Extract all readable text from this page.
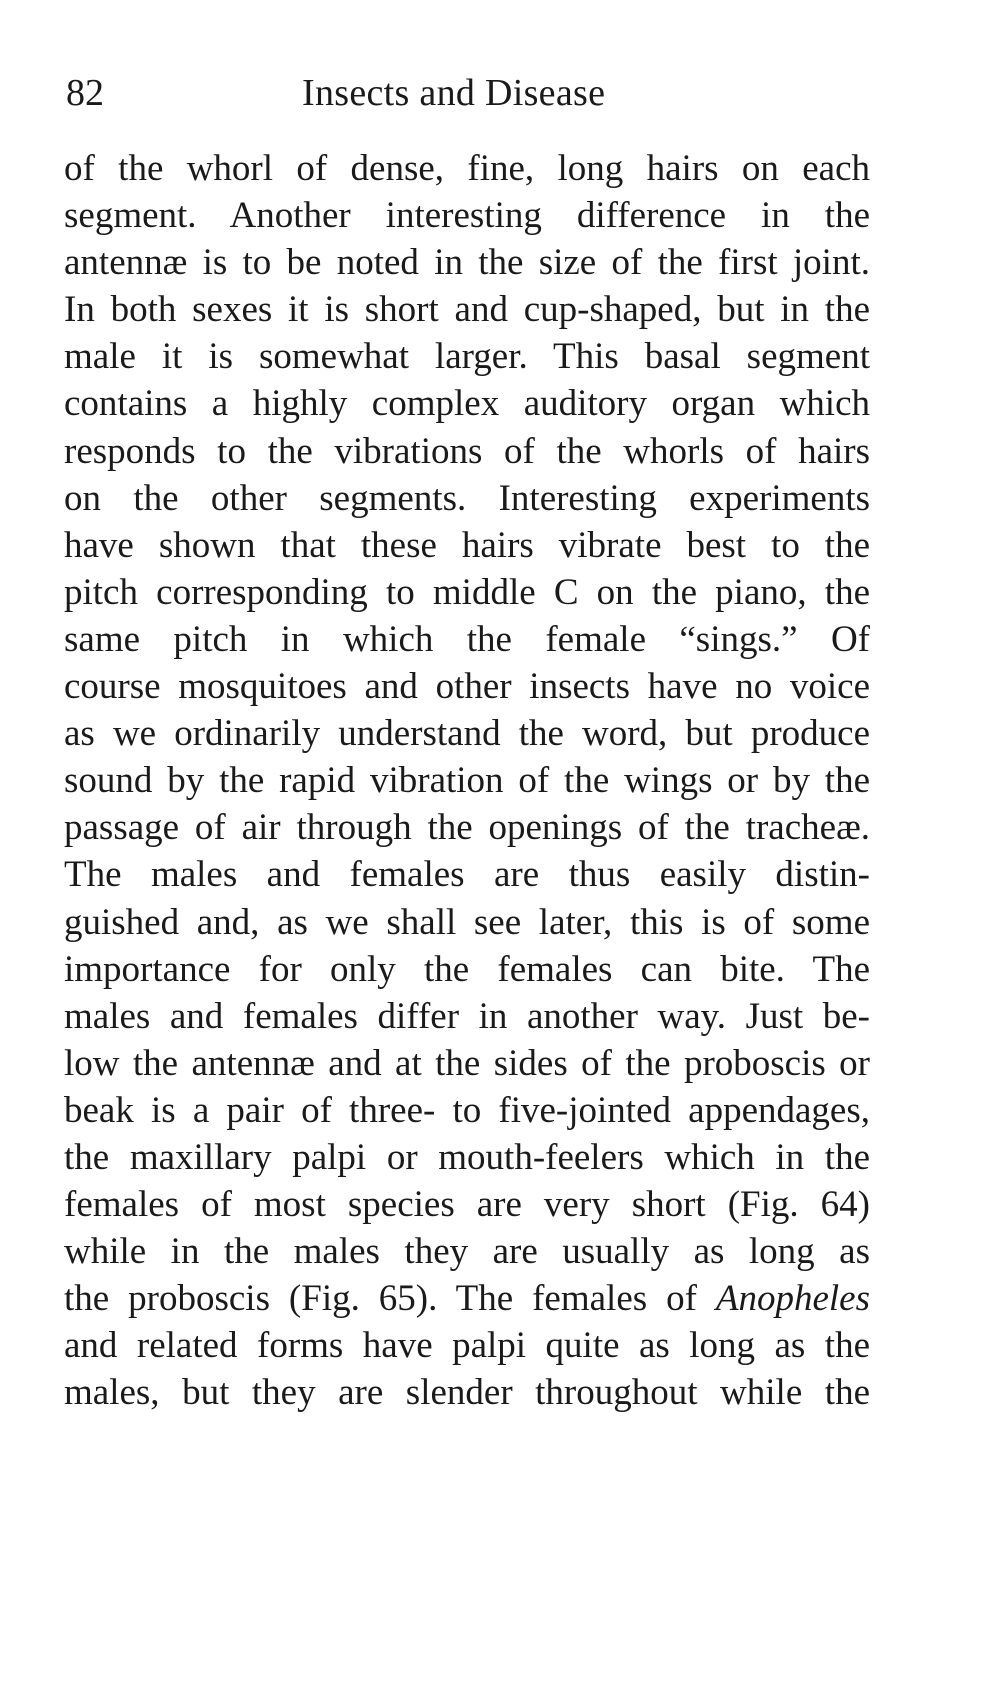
82	Insects and Disease
of the whorl of dense, fine, long hairs on each
segment. Another interesting difference in the
antennæ is to be noted in the size of the first joint.
In both sexes it is short and cup-shaped, but in the
male it is somewhat larger. This basal segment
contains a highly complex auditory organ which
responds to the vibrations of the whorls of hairs
on the other segments. Interesting experiments
have shown that these hairs vibrate best to the
pitch corresponding to middle C on the piano, the
same pitch in which the female “sings.” Of
course mosquitoes and other insects have no voice
as we ordinarily understand the word, but produce
sound by the rapid vibration of the wings or by the
passage of air through the openings of the tracheæ.
The males and females are thus easily distin-
guished and, as we shall see later, this is of some
importance for only the females can bite. The
males and females differ in another way. Just be-
low the antennæ and at the sides of the proboscis or
beak is a pair of three- to five-jointed appendages,
the maxillary palpi or mouth-feelers which in the
females of most species are very short (Fig. 64)
while in the males they are usually as long as
the proboscis (Fig. 65). The females of Anopheles
and related forms have palpi quite as long as the
males, but they are slender throughout while the
